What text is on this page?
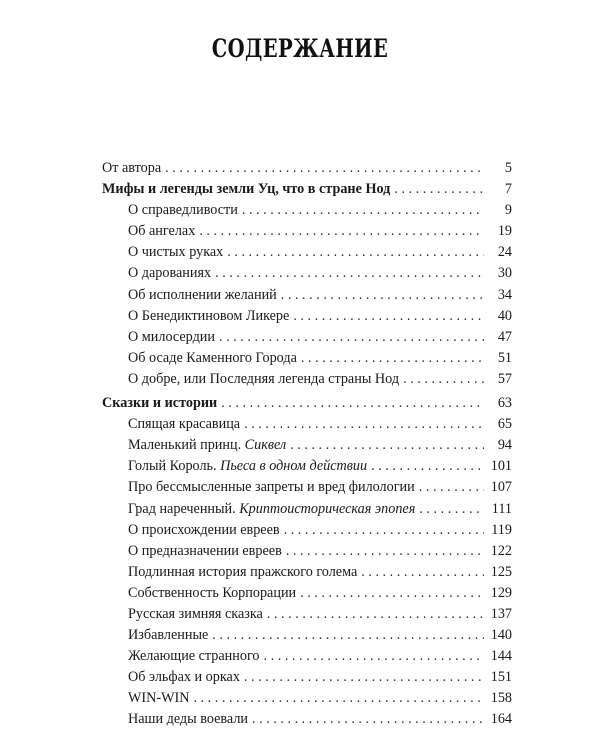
СОДЕРЖАНИЕ
От автора . . .	5
Мифы и легенды земли Уц, что в стране Нод . . .	7
О справедливости . . .	9
Об ангелах . . .	19
О чистых руках . . .	24
О дарованиях . . .	30
Об исполнении желаний . . .	34
О Бенедиктиновом Ликере . . .	40
О милосердии . . .	47
Об осаде Каменного Города . . .	51
О добре, или Последняя легенда страны Нод . . .	57
Сказки и истории . . .	63
Спящая красавица . . .	65
Маленький принц. Сиквел . . .	94
Голый Король. Пьеса в одном действии . . .	101
Про бессмысленные запреты и вред филологии . . .	107
Град нареченный. Криптоисторическая эпопея . . .	111
О происхождении евреев . . .	119
О предназначении евреев . . .	122
Подлинная история пражского голема . . .	125
Собственность Корпорации . . .	129
Русская зимняя сказка . . .	137
Избавленные . . .	140
Желающие странного . . .	144
Об эльфах и орках . . .	151
WIN-WIN . . .	158
Наши деды воевали . . .	164
